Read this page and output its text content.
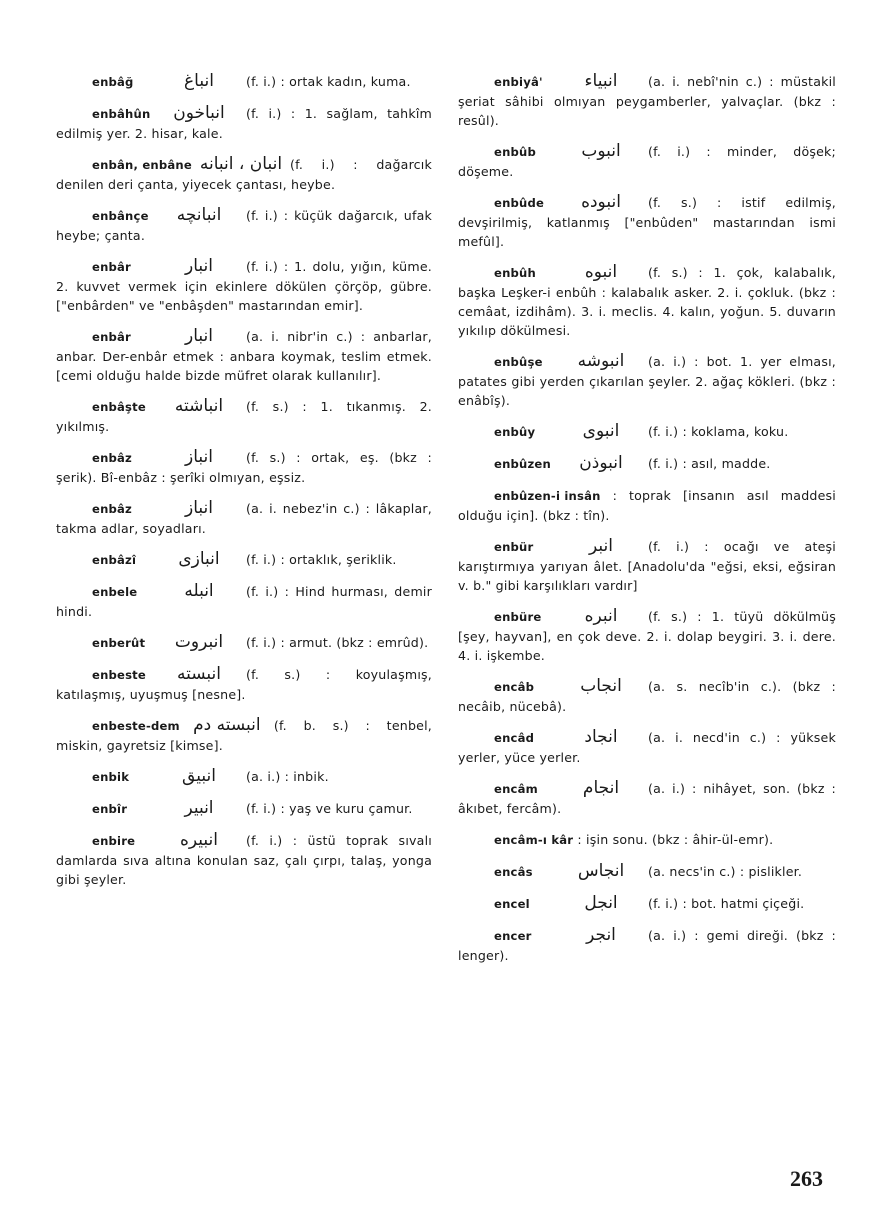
enbâğ	انباغ	(f. i.) : ortak kadın, kuma.

enbâhûn انباخون (f. i.) : 1. sağlam, tahkîm edilmiş yer. 2. hisar, kale.

enbân, enbâne انبان ، انبانه (f. i.) : dağarcık denilen deri çanta, yiyecek çantası, heybe.

enbânçe انبانچه (f. i.) : küçük dağarcık, ufak heybe; çanta.

enbâr	انبار	(f. i.) : 1. dolu, yığın, küme. 2. kuvvet vermek için ekinlere dökülen çörçöp, gübre. ["enbârden" ve "enbâşden" mastarından emir].

enbâr	انبار	(a. i. nibr'in c.) : anbarlar, anbar. Der-enbâr etmek : anbara koymak, teslim etmek. [cemi olduğu halde bizde müfret olarak kullanılır].

enbâşte انباشته (f. s.) : 1. tıkanmış. 2. yıkılmış.

enbâz	انباز	(f. s.) : ortak, eş. (bkz : şerik). Bî-enbâz : şerîki olmıyan, eşsiz.

enbâz	انباز	(a. i. nebez'in c.) : lâkaplar, takma adlar, soyadları.

enbâzî انبازی (f. i.) : ortaklık, şeriklik.

enbele	انبله	(f. i.) : Hind hurması, demir hindi.

enberût انبروت (f. i.) : armut. (bkz : emrûd).

enbeste انبسته (f. s.) : koyulaşmış, katılaşmış, uyuşmuş [nesne].

enbeste-dem انبسته دم (f. b. s.) : tenbel, miskin, gayretsiz [kimse].

enbik	انبیق (a. i.) : inbik.

enbîr	انبیر	(f. i.) : yaş ve kuru çamur.

enbire	انبیره (f. i.) : üstü toprak sıvalı damlarda sıva altına konulan saz, çalı çırpı, talaş, yonga gibi şeyler.

enbiyâ' انبیاء (a. i. nebî'nin c.) : müstakil şeriat sâhibi olmıyan peygamberler, yalvaçlar. (bkz : resûl).

enbûb	انبوب (f. i.) : minder, döşek; döşeme.

enbûde انبوده (f. s.) : istif edilmiş, devşirilmiş, katlanmış ["enbûden" mastarından ismi mefûl].

enbûh	انبوه (f. s.) : 1. çok, kalabalık, başka Leşker-i enbûh : kalabalık asker. 2. i. çokluk. (bkz : cemâat, izdihâm). 3. i. meclis. 4. kalın, yoğun. 5. duvarın yıkılıp dökülmesi.

enbûşe انبوشه (a. i.) : bot. 1. yer elması, patates gibi yerden çıkarılan şeyler. 2. ağaç kökleri. (bkz : enâbîş).

enbûy	انبوی (f. i.) : koklama, koku.

enbûzen انبوذن (f. i.) : asıl, madde.

enbûzen-i insân : toprak [insanın asıl maddesi olduğu için]. (bkz : tîn).

enbür	انبر	(f. i.) : ocağı ve ateşi karıştırmıya yarıyan âlet. [Anadolu'da "eğsi, eksi, eğsiran v. b." gibi karşılıkları vardır]

enbüre	انبره (f. s.) : 1. tüyü dökülmüş [şey, hayvan], en çok deve. 2. i. dolap beygiri. 3. i. dere. 4. i. işkembe.

encâb	انجاب (a. s. necîb'in c.). (bkz : necâib, nücebâ).

encâd	انجاد (a. i. necd'in c.) : yüksek yerler, yüce yerler.

encâm	انجام (a. i.) : nihâyet, son. (bkz : âkıbet, fercâm).

encâm-ı kâr : işin sonu. (bkz : âhir-ül-emr).

encâs	انجاس (a. necs'in c.) : pislikler.

encel	انجل (f. i.) : bot. hatmi çiçeği.

encer	انجر	(a. i.) : gemi direği. (bkz : lenger).

263
